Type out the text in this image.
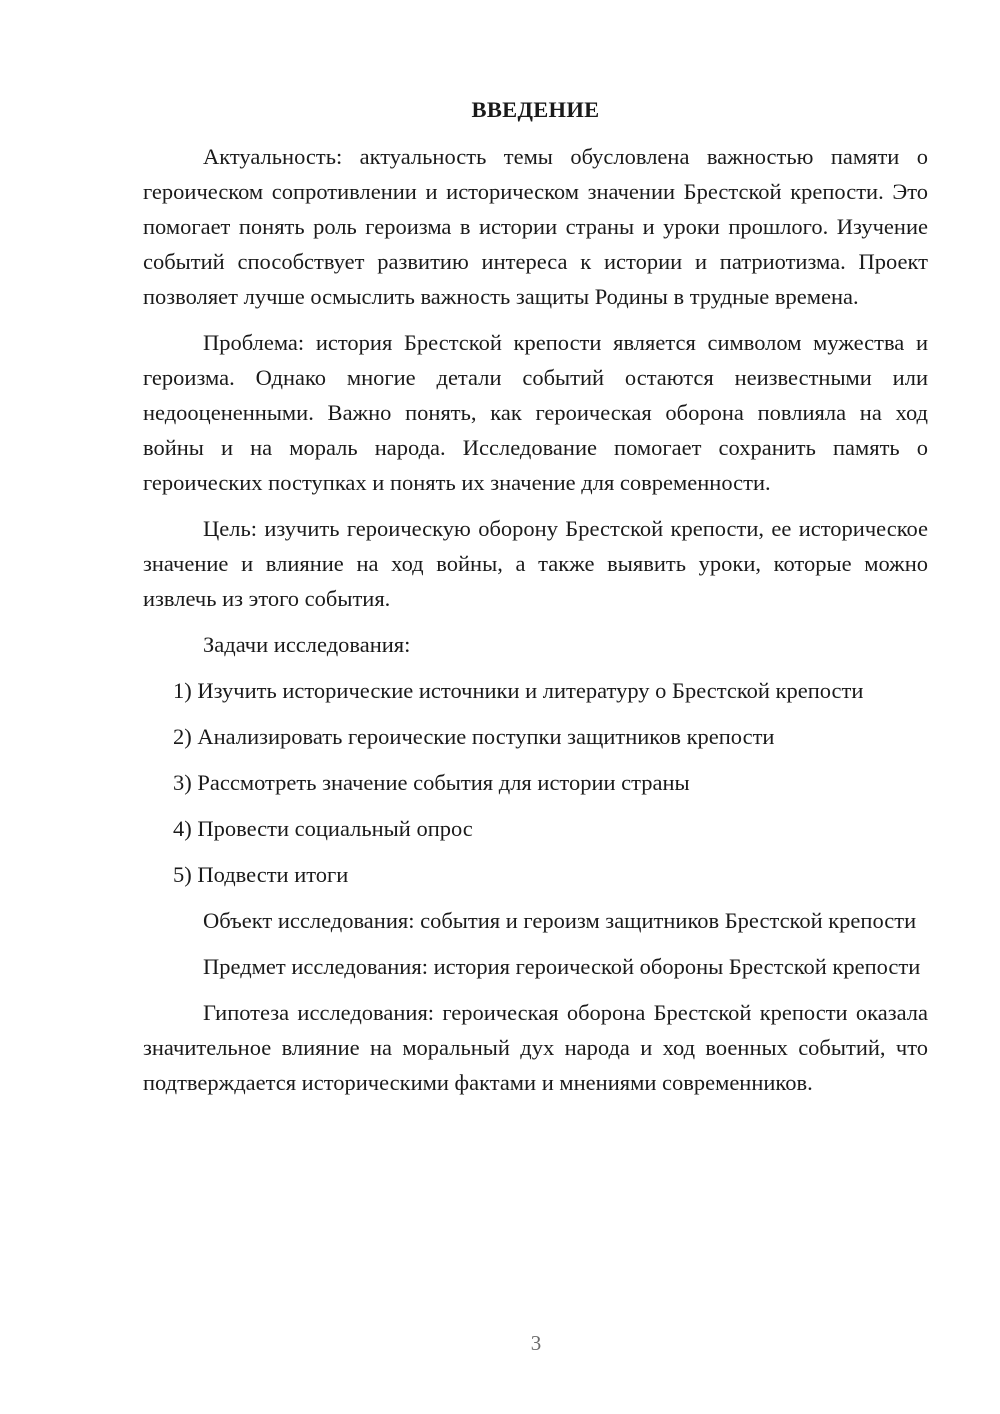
ВВЕДЕНИЕ

Актуальность: актуальность темы обусловлена важностью памяти о героическом сопротивлении и историческом значении Брестской крепости. Это помогает понять роль героизма в истории страны и уроки прошлого. Изучение событий способствует развитию интереса к истории и патриотизма. Проект позволяет лучше осмыслить важность защиты Родины в трудные времена.

Проблема: история Брестской крепости является символом мужества и героизма. Однако многие детали событий остаются неизвестными или недооцененными. Важно понять, как героическая оборона повлияла на ход войны и на мораль народа. Исследование помогает сохранить память о героических поступках и понять их значение для современности.

Цель: изучить героическую оборону Брестской крепости, ее историческое значение и влияние на ход войны, а также выявить уроки, которые можно извлечь из этого события.

Задачи исследования:

1) Изучить исторические источники и литературу о Брестской крепости

2) Анализировать героические поступки защитников крепости

3) Рассмотреть значение события для истории страны

4) Провести социальный опрос

5) Подвести итоги

Объект исследования: события и героизм защитников Брестской крепости

Предмет исследования: история героической обороны Брестской крепости

Гипотеза исследования: героическая оборона Брестской крепости оказала значительное влияние на моральный дух народа и ход военных событий, что подтверждается историческими фактами и мнениями современников.

3
